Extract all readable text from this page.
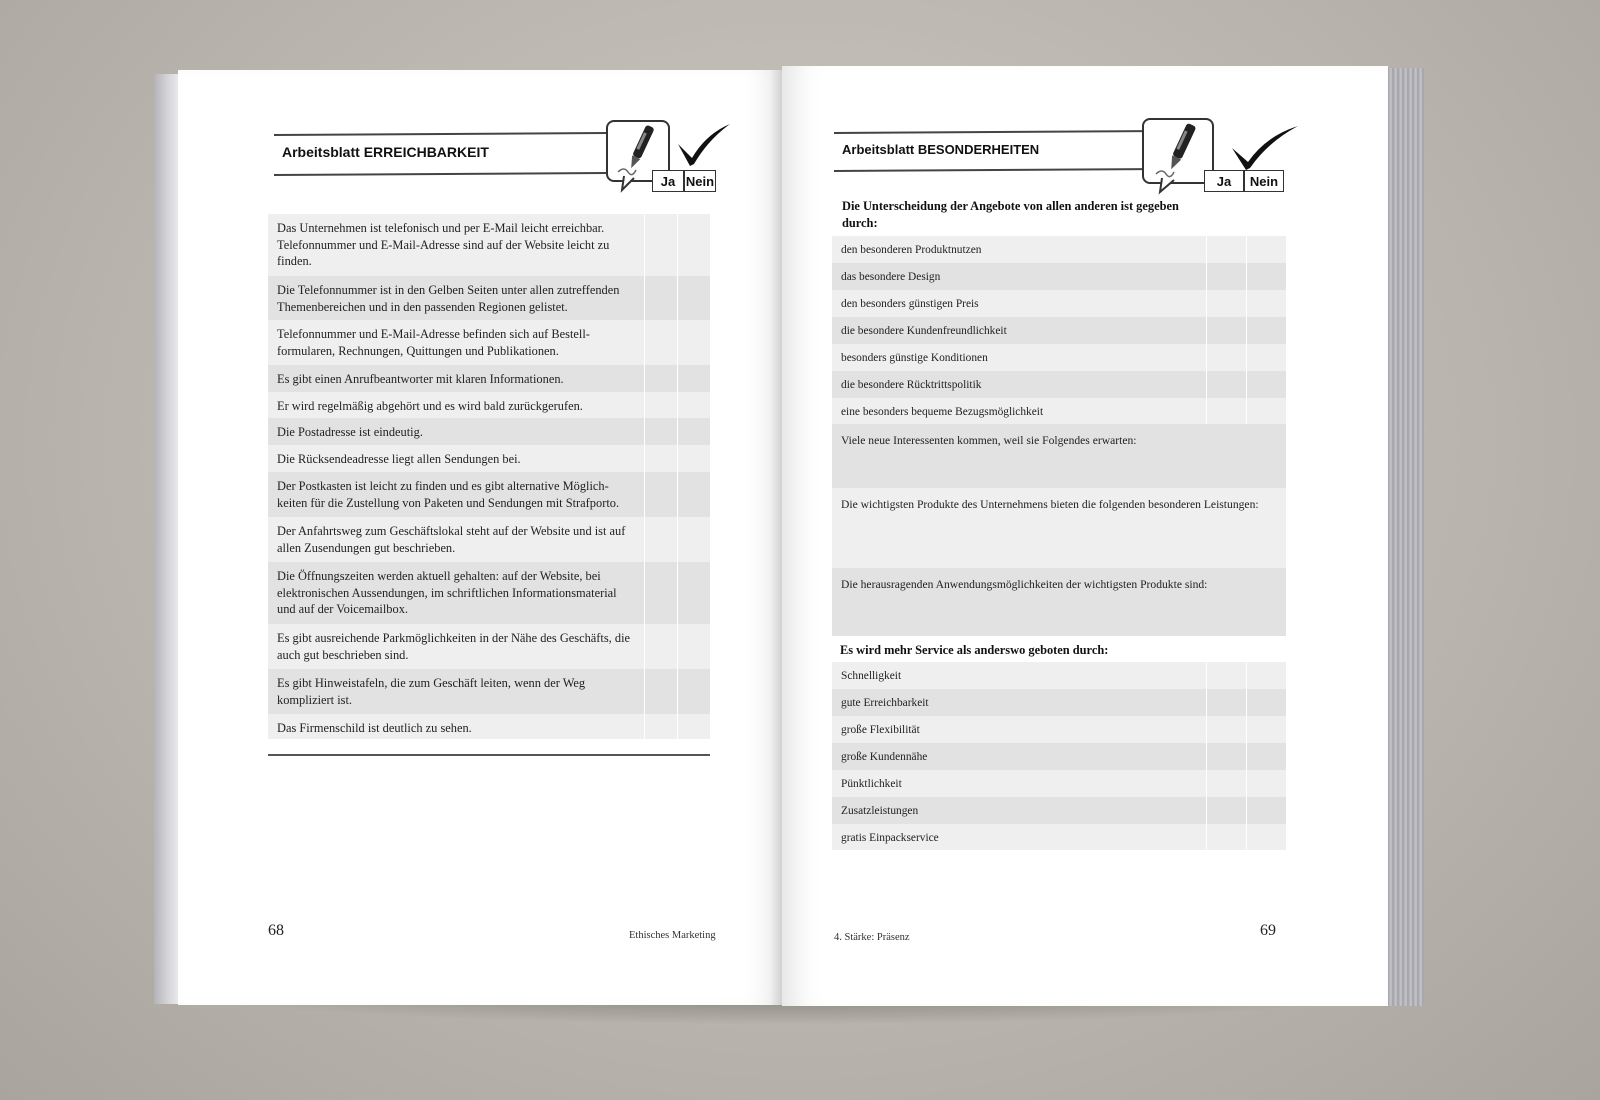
Arbeitsblatt ERREICHBARKEIT
Ja Nein
Das Unternehmen ist telefonisch und per E-Mail leicht erreichbar. Telefonnummer und E-Mail-Adresse sind auf der Website leicht zu finden.
Die Telefonnummer ist in den Gelben Seiten unter allen zutreffenden Themenbereichen und in den passenden Regionen gelistet.
Telefonnummer und E-Mail-Adresse befinden sich auf Bestell-formularen, Rechnungen, Quittungen und Publikationen.
Es gibt einen Anrufbeantworter mit klaren Informationen.
Er wird regelmäßig abgehört und es wird bald zurückgerufen.
Die Postadresse ist eindeutig.
Die Rücksendeadresse liegt allen Sendungen bei.
Der Postkasten ist leicht zu finden und es gibt alternative Möglich-keiten für die Zustellung von Paketen und Sendungen mit Strafporto.
Der Anfahrtsweg zum Geschäftslokal steht auf der Website und ist auf allen Zusendungen gut beschrieben.
Die Öffnungszeiten werden aktuell gehalten: auf der Website, bei elektronischen Aussendungen, im schriftlichen Informationsmaterial und auf der Voicemailbox.
Es gibt ausreichende Parkmöglichkeiten in der Nähe des Geschäfts, die auch gut beschrieben sind.
Es gibt Hinweistafeln, die zum Geschäft leiten, wenn der Weg kompliziert ist.
Das Firmenschild ist deutlich zu sehen.
68	Ethisches Marketing
Arbeitsblatt BESONDERHEITEN
Ja	Nein
Die Unterscheidung der Angebote von allen anderen ist gegeben durch:
den besonderen Produktnutzen
das besondere Design
den besonders günstigen Preis
die besondere Kundenfreundlichkeit
besonders günstige Konditionen
die besondere Rücktrittspolitik
eine besonders bequeme Bezugsmöglichkeit
Viele neue Interessenten kommen, weil sie Folgendes erwarten:
Die wichtigsten Produkte des Unternehmens bieten die folgenden besonderen Leistungen:
Die herausragenden Anwendungsmöglichkeiten der wichtigsten Produkte sind:
Es wird mehr Service als anderswo geboten durch:
Schnelligkeit
gute Erreichbarkeit
große Flexibilität
große Kundennähe
Pünktlichkeit
Zusatzleistungen
gratis Einpackservice
69
4. Stärke: Präsenz
